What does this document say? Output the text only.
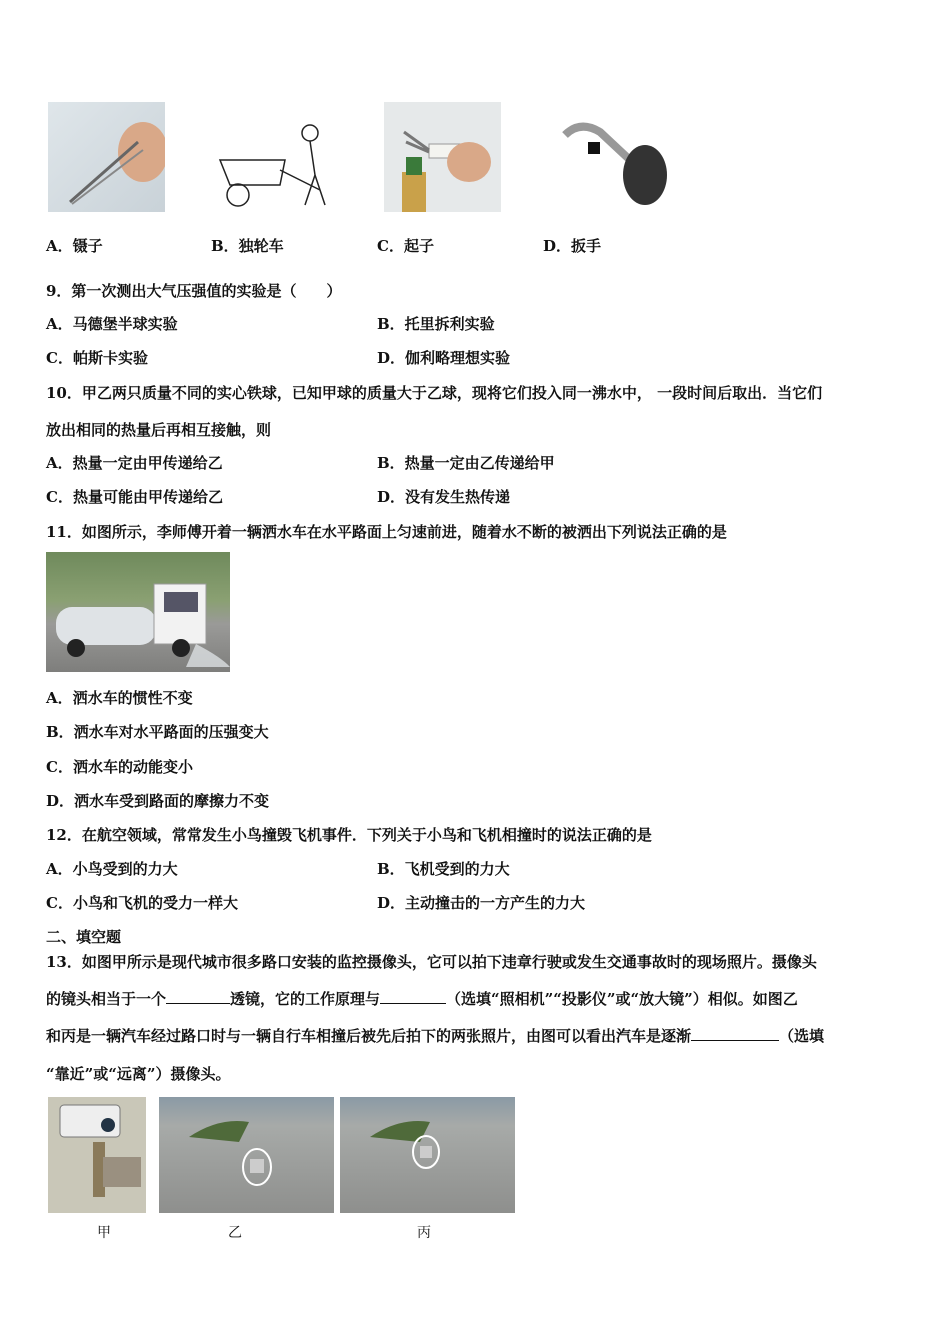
A．镊子	B．独轮车	C．起子	D．扳手
9．第一次测出大气压强值的实验是（　　）
A．马德堡半球实验	B．托里拆利实验
C．帕斯卡实验	D．伽利略理想实验
10．甲乙两只质量不同的实心铁球，已知甲球的质量大于乙球，现将它们投入同一沸水中， 一段时间后取出．当它们
放出相同的热量后再相互接触，则
A．热量一定由甲传递给乙	B．热量一定由乙传递给甲
C．热量可能由甲传递给乙	D．没有发生热传递
11．如图所示，李师傅开着一辆洒水车在水平路面上匀速前进，随着水不断的被洒出下列说法正确的是
A．洒水车的惯性不变
B．洒水车对水平路面的压强变大
C．洒水车的动能变小
D．洒水车受到路面的摩擦力不变
12．在航空领域，常常发生小鸟撞毁飞机事件．下列关于小鸟和飞机相撞时的说法正确的是
A．小鸟受到的力大	B．飞机受到的力大
C．小鸟和飞机的受力一样大	D．主动撞击的一方产生的力大
二、填空题
13．如图甲所示是现代城市很多路口安装的监控摄像头，它可以拍下违章行驶或发生交通事故时的现场照片。摄像头
的镜头相当于一个	透镜，它的工作原理与	（选填“照相机”“投影仪”或“放大镜”）相似。如图乙
和丙是一辆汽车经过路口时与一辆自行车相撞后被先后拍下的两张照片，由图可以看出汽车是逐渐	（选填
“靠近”或“远离”）摄像头。
甲	乙	丙
